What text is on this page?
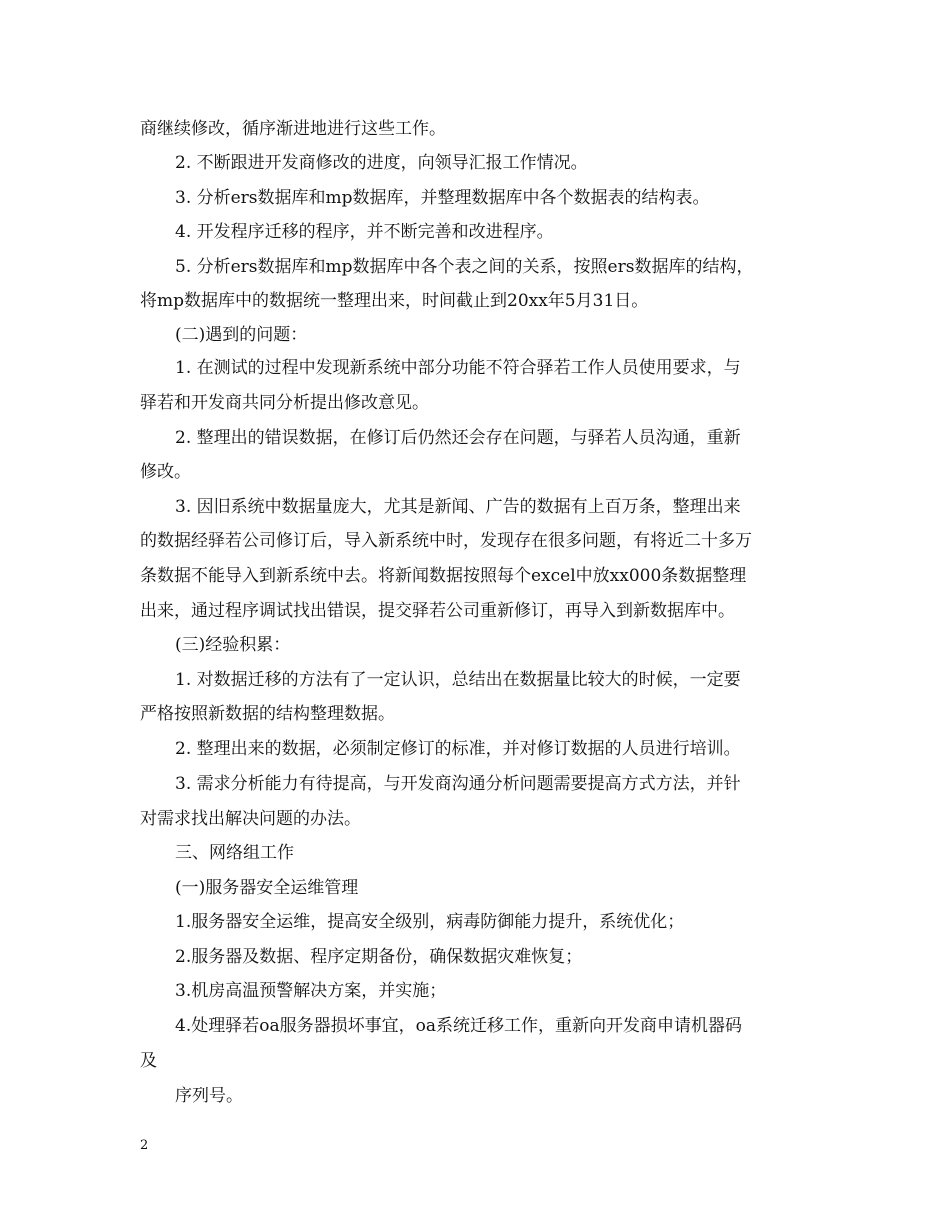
商继续修改，循序渐进地进行这些工作。
2. 不断跟进开发商修改的进度，向领导汇报工作情况。
3. 分析ers数据库和mp数据库，并整理数据库中各个数据表的结构表。
4. 开发程序迁移的程序，并不断完善和改进程序。
5. 分析ers数据库和mp数据库中各个表之间的关系，按照ers数据库的结构，
将mp数据库中的数据统一整理出来，时间截止到20xx年5月31日。
(二)遇到的问题：
1. 在测试的过程中发现新系统中部分功能不符合驿若工作人员使用要求，与
驿若和开发商共同分析提出修改意见。
2. 整理出的错误数据，在修订后仍然还会存在问题，与驿若人员沟通，重新
修改。
3. 因旧系统中数据量庞大，尤其是新闻、广告的数据有上百万条，整理出来
的数据经驿若公司修订后，导入新系统中时，发现存在很多问题，有将近二十多万
条数据不能导入到新系统中去。将新闻数据按照每个excel中放xx000条数据整理
出来，通过程序调试找出错误，提交驿若公司重新修订，再导入到新数据库中。
(三)经验积累：
1. 对数据迁移的方法有了一定认识，总结出在数据量比较大的时候，一定要
严格按照新数据的结构整理数据。
2. 整理出来的数据，必须制定修订的标准，并对修订数据的人员进行培训。
3. 需求分析能力有待提高，与开发商沟通分析问题需要提高方式方法，并针
对需求找出解决问题的办法。
三、网络组工作
(一)服务器安全运维管理
1.服务器安全运维，提高安全级别，病毒防御能力提升，系统优化；
2.服务器及数据、程序定期备份，确保数据灾难恢复；
3.机房高温预警解决方案，并实施；
4.处理驿若oa服务器损坏事宜，oa系统迁移工作，重新向开发商申请机器码
及
序列号。
2
